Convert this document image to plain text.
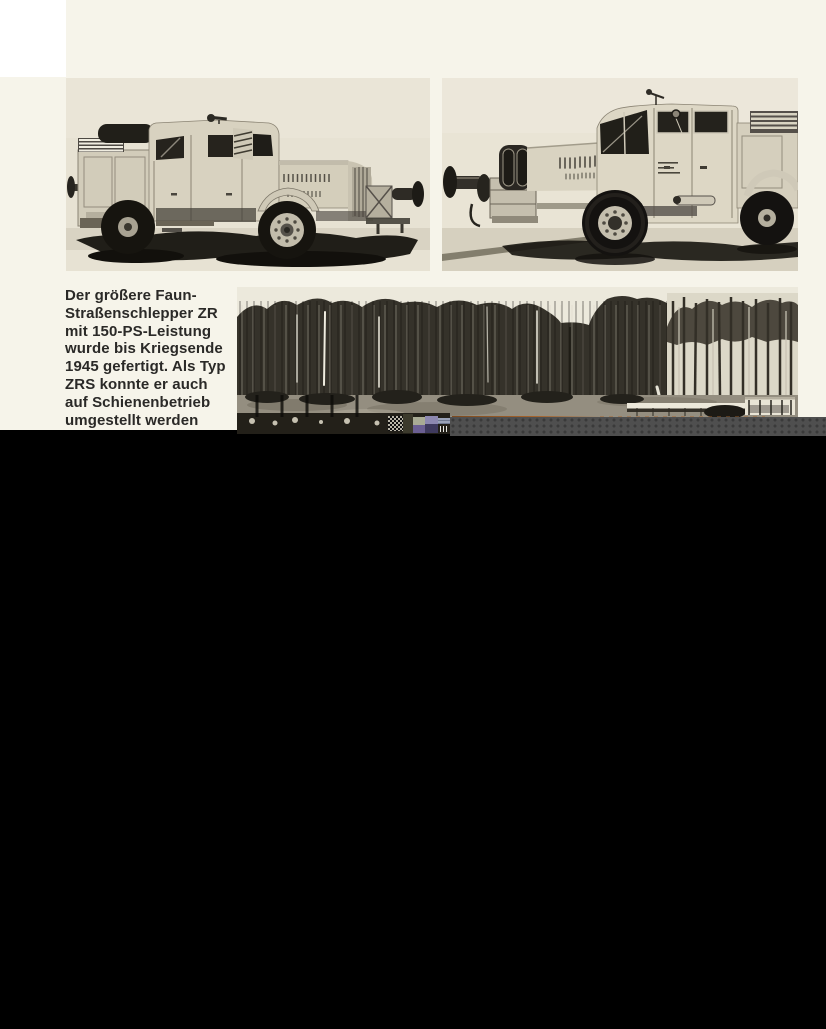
Der größere Faun-
Straßenschlepper ZR
mit 150-PS-Leistung
wurde bis Kriegsende
1945 gefertigt. Als Typ
ZRS konnte er auch
auf Schienenbetrieb
umgestellt werden
